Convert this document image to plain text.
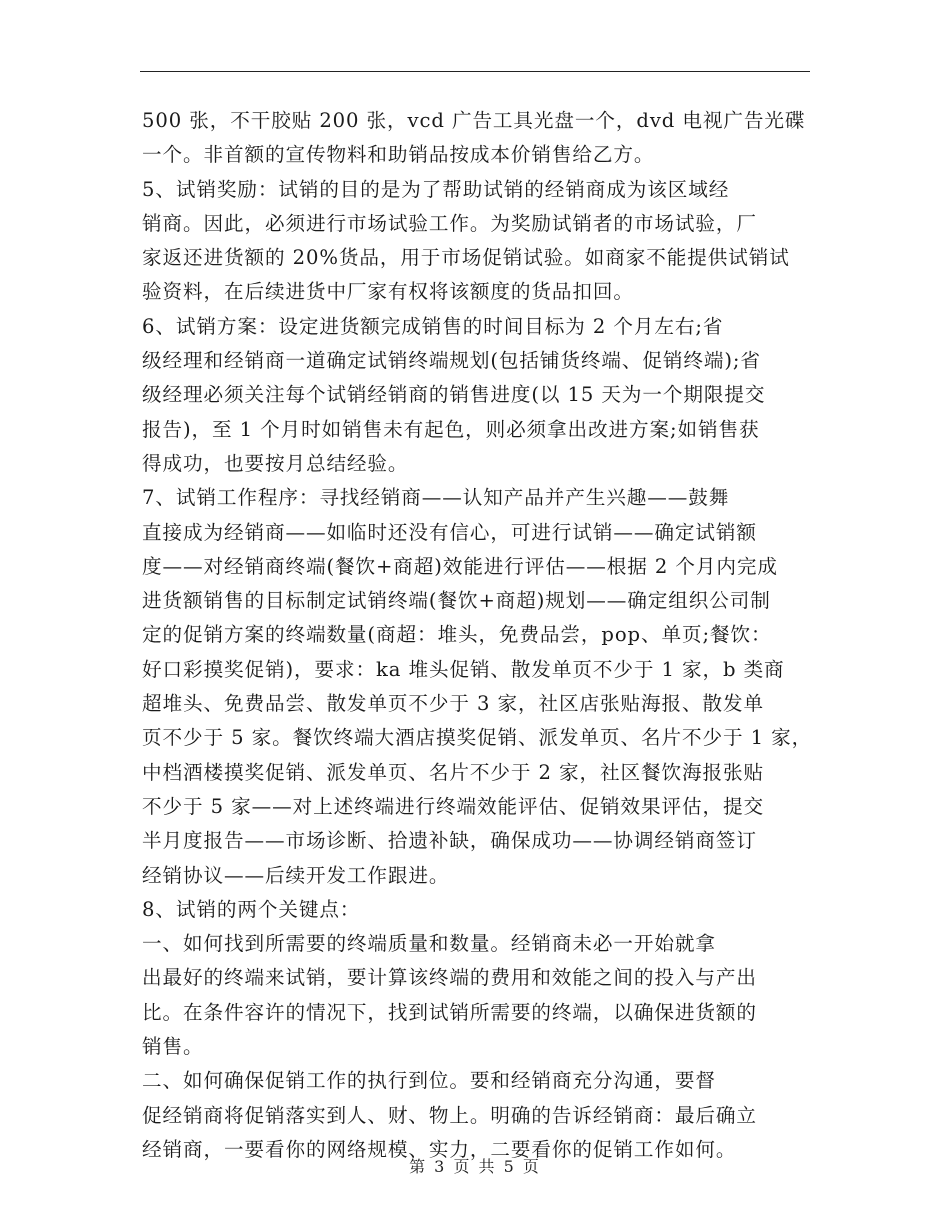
500 张，不干胶贴 200 张，vcd 广告工具光盘一个，dvd 电视广告光碟
一个。非首额的宣传物料和助销品按成本价销售给乙方。
5、试销奖励：试销的目的是为了帮助试销的经销商成为该区域经
销商。因此，必须进行市场试验工作。为奖励试销者的市场试验，厂
家返还进货额的 20%货品，用于市场促销试验。如商家不能提供试销试
验资料，在后续进货中厂家有权将该额度的货品扣回。
6、试销方案：设定进货额完成销售的时间目标为 2 个月左右;省
级经理和经销商一道确定试销终端规划(包括铺货终端、促销终端);省
级经理必须关注每个试销经销商的销售进度(以 15 天为一个期限提交
报告)，至 1 个月时如销售未有起色，则必须拿出改进方案;如销售获
得成功，也要按月总结经验。
7、试销工作程序：寻找经销商——认知产品并产生兴趣——鼓舞
直接成为经销商——如临时还没有信心，可进行试销——确定试销额
度——对经销商终端(餐饮+商超)效能进行评估——根据 2 个月内完成
进货额销售的目标制定试销终端(餐饮+商超)规划——确定组织公司制
定的促销方案的终端数量(商超：堆头，免费品尝，pop、单页;餐饮：
好口彩摸奖促销)，要求：ka 堆头促销、散发单页不少于 1 家，b 类商
超堆头、免费品尝、散发单页不少于 3 家，社区店张贴海报、散发单
页不少于 5 家。餐饮终端大酒店摸奖促销、派发单页、名片不少于 1 家，
中档酒楼摸奖促销、派发单页、名片不少于 2 家，社区餐饮海报张贴
不少于 5 家——对上述终端进行终端效能评估、促销效果评估，提交
半月度报告——市场诊断、拾遗补缺，确保成功——协调经销商签订
经销协议——后续开发工作跟进。
8、试销的两个关键点：
一、如何找到所需要的终端质量和数量。经销商未必一开始就拿
出最好的终端来试销，要计算该终端的费用和效能之间的投入与产出
比。在条件容许的情况下，找到试销所需要的终端，以确保进货额的
销售。
二、如何确保促销工作的执行到位。要和经销商充分沟通，要督
促经销商将促销落实到人、财、物上。明确的告诉经销商：最后确立
经销商，一要看你的网络规模、实力，二要看你的促销工作如何。
第 3 页 共 5 页
